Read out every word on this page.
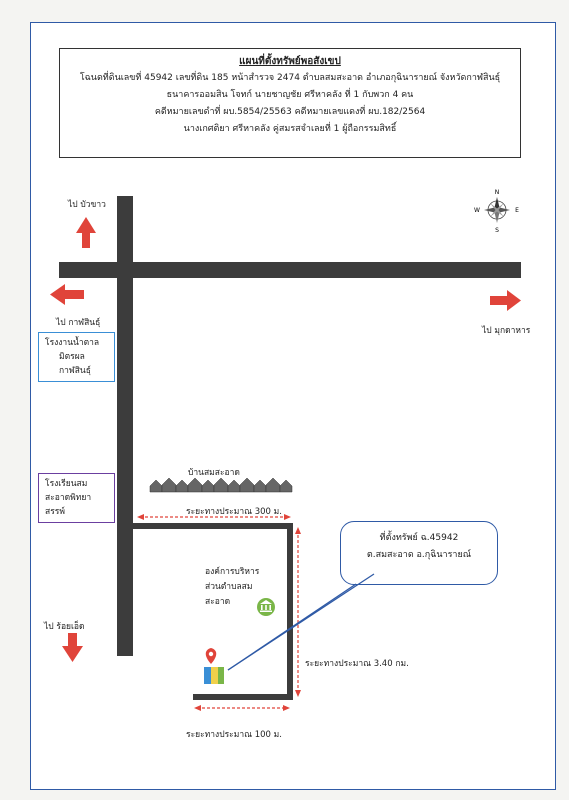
แผนที่ตั้งทรัพย์พอสังเขป
โฉนดที่ดินเลขที่ 45942 เลขที่ดิน 185 หน้าสำรวจ 2474 ตำบลสมสะอาด อำเภอกุฉินารายณ์ จังหวัดกาฬสินธุ์
ธนาคารออมสิน โจทก์ นายชาญชัย ศรีหาคลัง ที่ 1 กับพวก 4 คน
คดีหมายเลขดำที่ ผบ.5854/25563 คดีหมายเลขแดงที่ ผบ.182/2564
นางเกศติยา ศรีหาคลัง คู่สมรสจำเลยที่ 1 ผู้ถือกรรมสิทธิ์
ไป บัวขาว
ไป กาฬสินธุ์
ไป มุกดาหาร
ไป ร้อยเอ็ด
โรงงานน้ำตาล
มิตรผล
กาฬสินธุ์
โรงเรียนสม
สะอาดพิทยา
สรรพ์
บ้านสมสะอาด
องค์การบริหาร
ส่วนตำบลสม
สะอาด
ระยะทางประมาณ 300 ม.
ระยะทางประมาณ 3.40 กม.
ระยะทางประมาณ 100 ม.
ที่ตั้งทรัพย์ ฉ.45942
ต.สมสะอาด อ.กุฉินารายณ์
N
S
E
W
